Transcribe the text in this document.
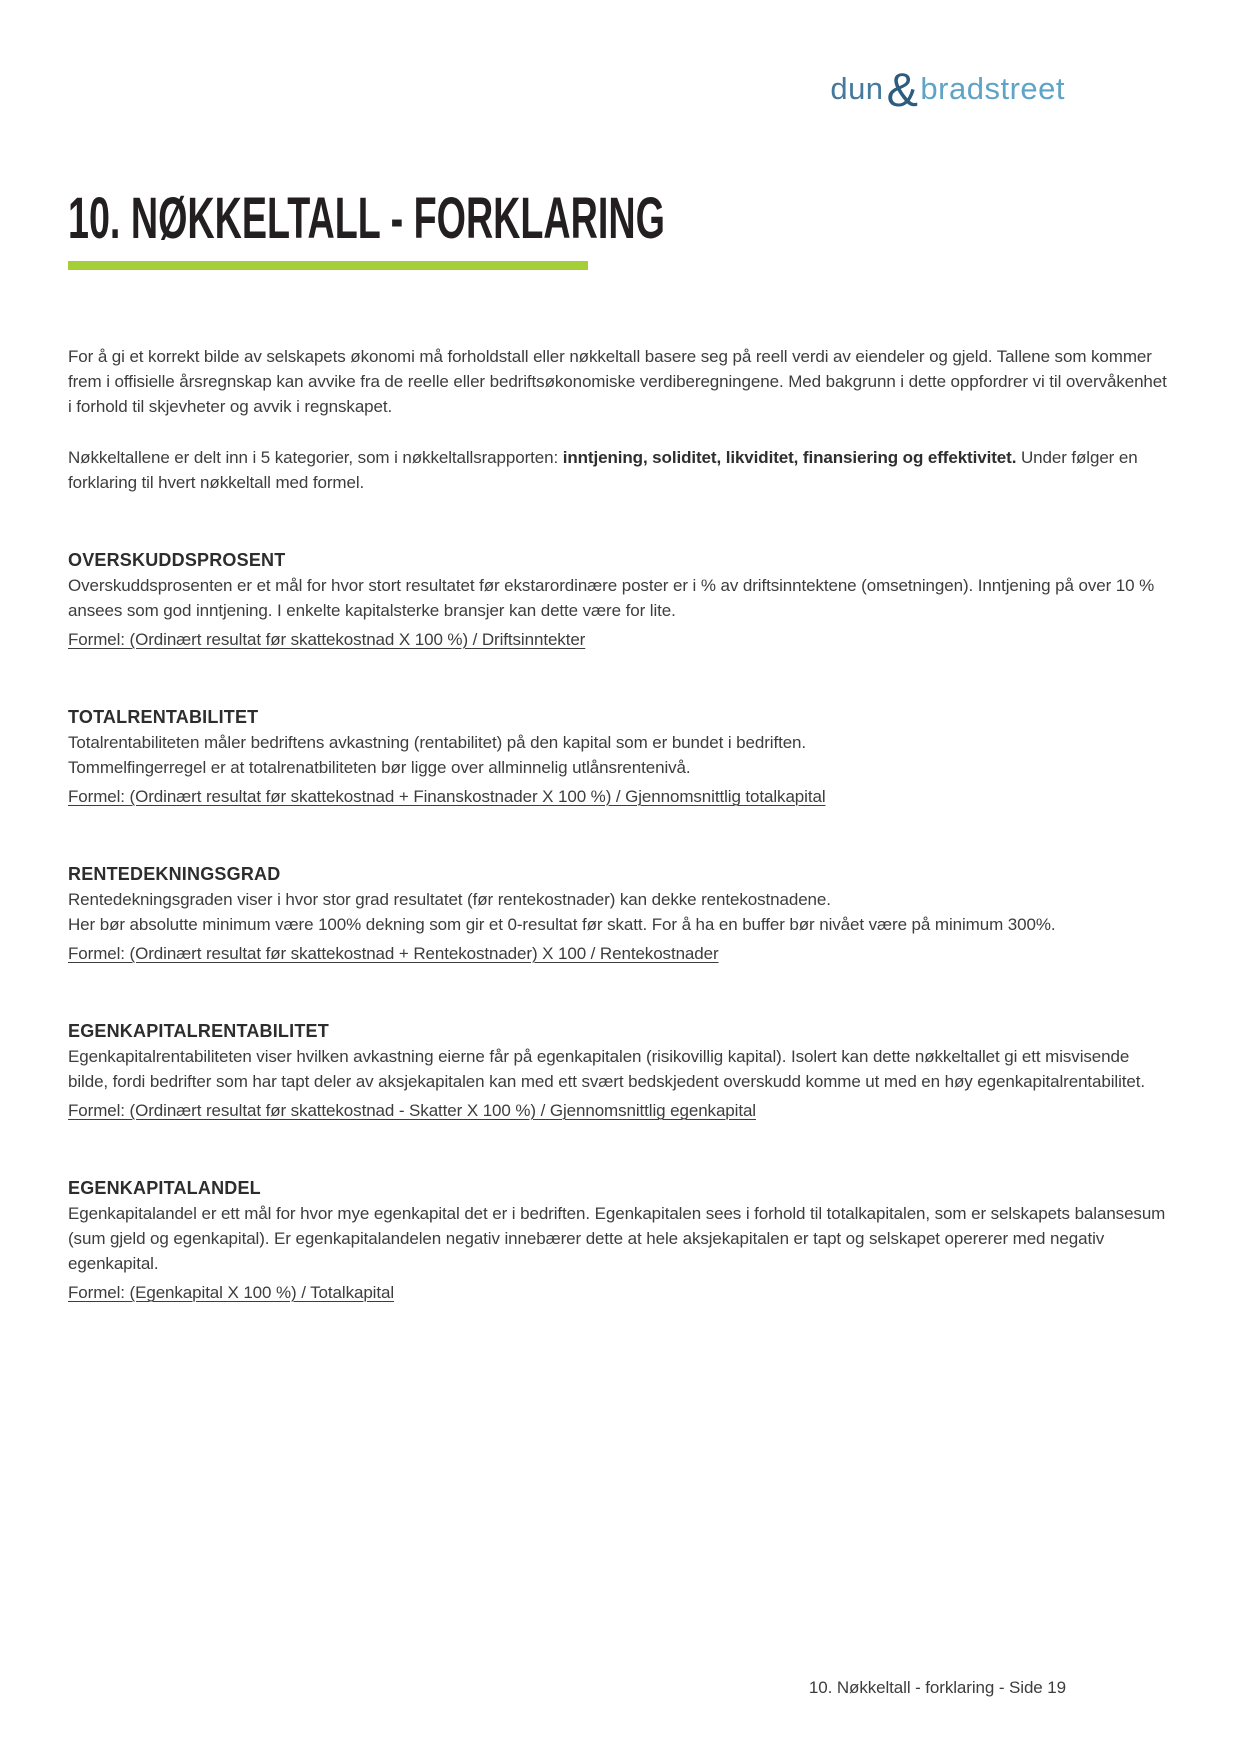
dun&bradstreet
10. NØKKELTALL - FORKLARING

For å gi et korrekt bilde av selskapets økonomi må forholdstall eller nøkkeltall basere seg på reell verdi av eiendeler og gjeld. Tallene som kommer frem i offisielle årsregnskap kan avvike fra de reelle eller bedriftsøkonomiske verdiberegningene. Med bakgrunn i dette oppfordrer vi til overvåkenhet i forhold til skjevheter og avvik i regnskapet.

Nøkkeltallene er delt inn i 5 kategorier, som i nøkkeltallsrapporten: inntjening, soliditet, likviditet, finansiering og effektivitet. Under følger en forklaring til hvert nøkkeltall med formel.

OVERSKUDDSPROSENT

Overskuddsprosenten er et mål for hvor stort resultatet før ekstarordinære poster er i % av driftsinntektene (omsetningen). Inntjening på over 10 % ansees som god inntjening. I enkelte kapitalsterke bransjer kan dette være for lite.

Formel: (Ordinært resultat før skattekostnad X 100 %) / Driftsinntekter

TOTALRENTABILITET

Totalrentabiliteten måler bedriftens avkastning (rentabilitet) på den kapital som er bundet i bedriften.

Tommelfingerregel er at totalrenatbiliteten bør ligge over allminnelig utlånsrentenivå.

Formel: (Ordinært resultat før skattekostnad + Finanskostnader X 100 %) / Gjennomsnittlig totalkapital

RENTEDEKNINGSGRAD

Rentedekningsgraden viser i hvor stor grad resultatet (før rentekostnader) kan dekke rentekostnadene.

Her bør absolutte minimum være 100% dekning som gir et 0-resultat før skatt. For å ha en buffer bør nivået være på minimum 300%.

Formel: (Ordinært resultat før skattekostnad + Rentekostnader) X 100 / Rentekostnader

EGENKAPITALRENTABILITET

Egenkapitalrentabiliteten viser hvilken avkastning eierne får på egenkapitalen (risikovillig kapital). Isolert kan dette nøkkeltallet gi ett misvisende bilde, fordi bedrifter som har tapt deler av aksjekapitalen kan med ett svært bedskjedent overskudd komme ut med en høy egenkapitalrentabilitet.

Formel: (Ordinært resultat før skattekostnad - Skatter X 100 %) / Gjennomsnittlig egenkapital

EGENKAPITALANDEL

Egenkapitalandel er ett mål for hvor mye egenkapital det er i bedriften. Egenkapitalen sees i forhold til totalkapitalen, som er selskapets balansesum (sum gjeld og egenkapital). Er egenkapitalandelen negativ innebærer dette at hele aksjekapitalen er tapt og selskapet opererer med negativ egenkapital.

Formel: (Egenkapital X 100 %) / Totalkapital

10. Nøkkeltall - forklaring - Side 19
